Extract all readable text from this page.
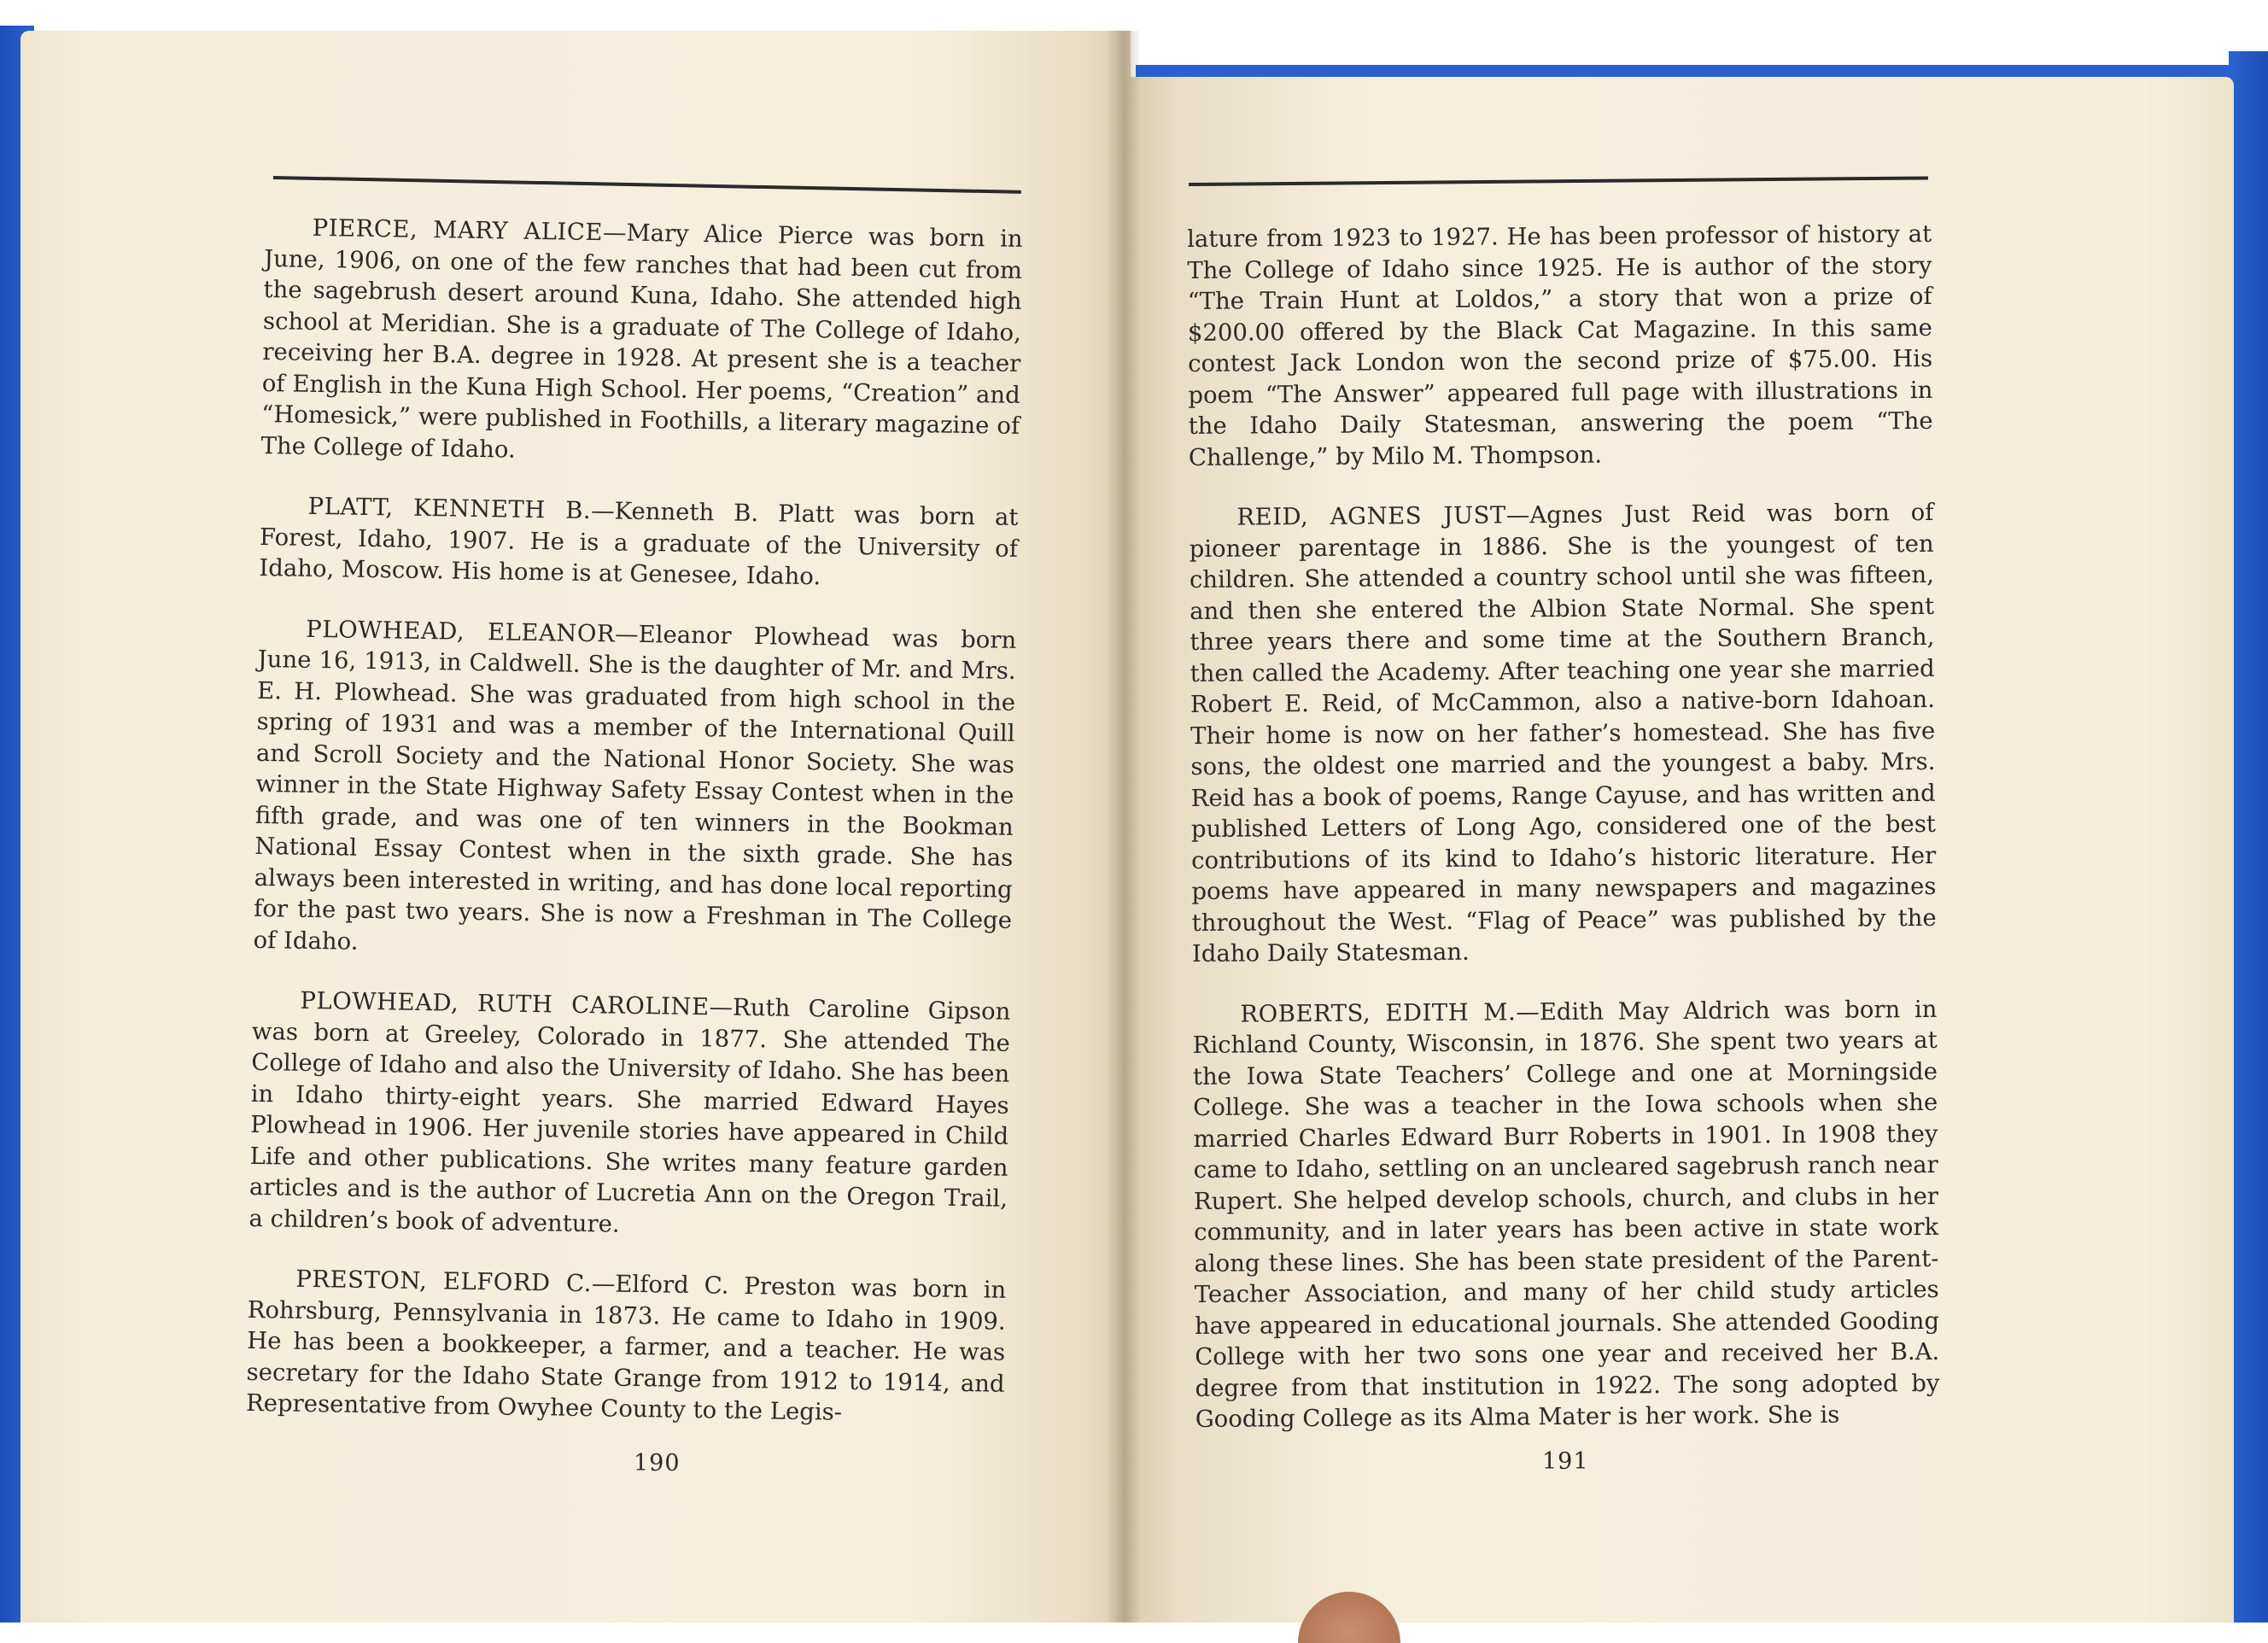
PIERCE, MARY ALICE—Mary Alice Pierce was born in June, 1906, on one of the few ranches that had been cut from the sagebrush desert around Kuna, Idaho. She attended high school at Meridian. She is a graduate of The College of Idaho, receiving her B.A. degree in 1928. At present she is a teacher of English in the Kuna High School. Her poems, “Creation” and “Homesick,” were published in Foothills, a literary magazine of The College of Idaho.

PLATT, KENNETH B.—Kenneth B. Platt was born at Forest, Idaho, 1907. He is a graduate of the University of Idaho, Moscow. His home is at Genesee, Idaho.

PLOWHEAD, ELEANOR—Eleanor Plowhead was born June 16, 1913, in Caldwell. She is the daughter of Mr. and Mrs. E. H. Plowhead. She was graduated from high school in the spring of 1931 and was a member of the International Quill and Scroll Society and the National Honor Society. She was winner in the State Highway Safety Essay Contest when in the fifth grade, and was one of ten winners in the Bookman National Essay Contest when in the sixth grade. She has always been interested in writing, and has done local reporting for the past two years. She is now a Freshman in The College of Idaho.

PLOWHEAD, RUTH CAROLINE—Ruth Caroline Gipson was born at Greeley, Colorado in 1877. She attended The College of Idaho and also the University of Idaho. She has been in Idaho thirty-eight years. She married Edward Hayes Plowhead in 1906. Her juvenile stories have appeared in Child Life and other publications. She writes many feature garden articles and is the author of Lucretia Ann on the Oregon Trail, a children’s book of adventure.

PRESTON, ELFORD C.—Elford C. Preston was born in Rohrsburg, Pennsylvania in 1873. He came to Idaho in 1909. He has been a bookkeeper, a farmer, and a teacher. He was secretary for the Idaho State Grange from 1912 to 1914, and Representative from Owyhee County to the Legis-

lature from 1923 to 1927. He has been professor of history at The College of Idaho since 1925. He is author of the story “The Train Hunt at Loldos,” a story that won a prize of $200.00 offered by the Black Cat Magazine. In this same contest Jack London won the second prize of $75.00. His poem “The Answer” appeared full page with illustrations in the Idaho Daily Statesman, answering the poem “The Challenge,” by Milo M. Thompson.

REID, AGNES JUST—Agnes Just Reid was born of pioneer parentage in 1886. She is the youngest of ten children. She attended a country school until she was fifteen, and then she entered the Albion State Normal. She spent three years there and some time at the Southern Branch, then called the Academy. After teaching one year she married Robert E. Reid, of McCammon, also a native-born Idahoan. Their home is now on her father’s homestead. She has five sons, the oldest one married and the youngest a baby. Mrs. Reid has a book of poems, Range Cayuse, and has written and published Letters of Long Ago, considered one of the best contributions of its kind to Idaho’s historic literature. Her poems have appeared in many newspapers and magazines throughout the West. “Flag of Peace” was published by the Idaho Daily Statesman.

ROBERTS, EDITH M.—Edith May Aldrich was born in Richland County, Wisconsin, in 1876. She spent two years at the Iowa State Teachers’ College and one at Morningside College. She was a teacher in the Iowa schools when she married Charles Edward Burr Roberts in 1901. In 1908 they came to Idaho, settling on an uncleared sagebrush ranch near Rupert. She helped develop schools, church, and clubs in her community, and in later years has been active in state work along these lines. She has been state president of the Parent-Teacher Association, and many of her child study articles have appeared in educational journals. She attended Gooding College with her two sons one year and received her B.A. degree from that institution in 1922. The song adopted by Gooding College as its Alma Mater is her work. She is

190	191
